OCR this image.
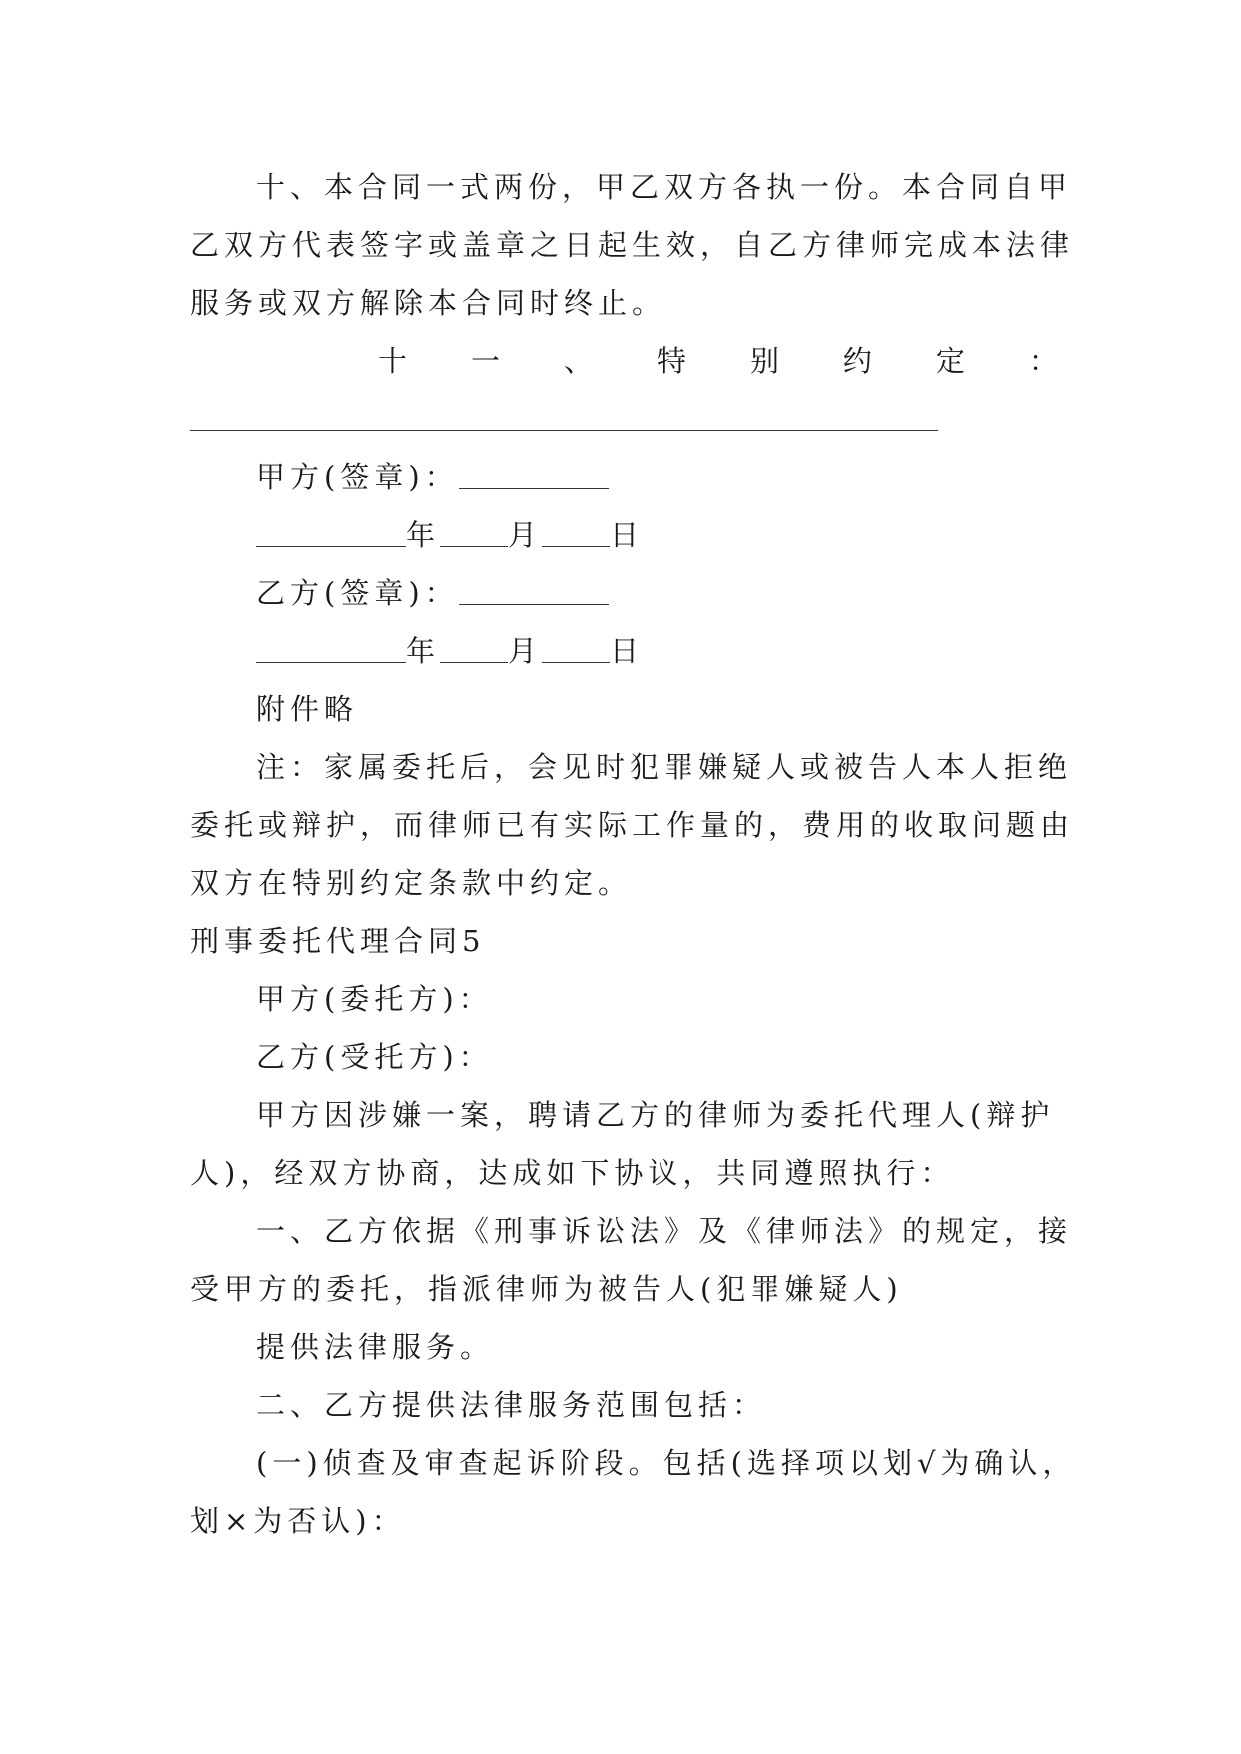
十、本合同一式两份，甲乙双方各执一份。本合同自甲
乙双方代表签字或盖章之日起生效，自乙方律师完成本法律
服务或双方解除本合同时终止。
十 一 、 特 别 约 定 ：
甲方(签章)：
年 月 日
乙方(签章)：
年 月 日
附件略
注：家属委托后，会见时犯罪嫌疑人或被告人本人拒绝
委托或辩护，而律师已有实际工作量的，费用的收取问题由
双方在特别约定条款中约定。
刑事委托代理合同5
甲方(委托方)：
乙方(受托方)：
甲方因涉嫌一案，聘请乙方的律师为委托代理人(辩护
人)，经双方协商，达成如下协议，共同遵照执行：
一、乙方依据《刑事诉讼法》及《律师法》的规定，接
受甲方的委托，指派律师为被告人(犯罪嫌疑人)
提供法律服务。
二、乙方提供法律服务范围包括：
(一)侦查及审查起诉阶段。包括(选择项以划√为确认，
划×为否认)：
